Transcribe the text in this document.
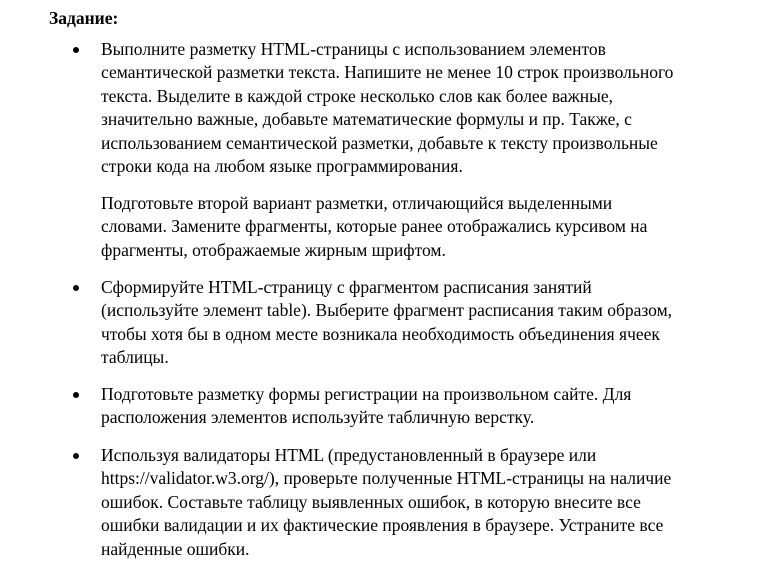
Задание:

Выполните разметку HTML-страницы с использованием элементов
семантической разметки текста. Напишите не менее 10 строк произвольного
текста. Выделите в каждой строке несколько слов как более важные,
значительно важные, добавьте математические формулы и пр. Также, с
использованием семантической разметки, добавьте к тексту произвольные
строки кода на любом языке программирования.

Подготовьте второй вариант разметки, отличающийся выделенными
словами. Замените фрагменты, которые ранее отображались курсивом на
фрагменты, отображаемые жирным шрифтом.

Сформируйте HTML-страницу с фрагментом расписания занятий
(используйте элемент table). Выберите фрагмент расписания таким образом,
чтобы хотя бы в одном месте возникала необходимость объединения ячеек
таблицы.

Подготовьте разметку формы регистрации на произвольном сайте. Для
расположения элементов используйте табличную верстку.

Используя валидаторы HTML (предустановленный в браузере или
https://validator.w3.org/), проверьте полученные HTML-страницы на наличие
ошибок. Составьте таблицу выявленных ошибок, в которую внесите все
ошибки валидации и их фактические проявления в браузере. Устраните все
найденные ошибки.
